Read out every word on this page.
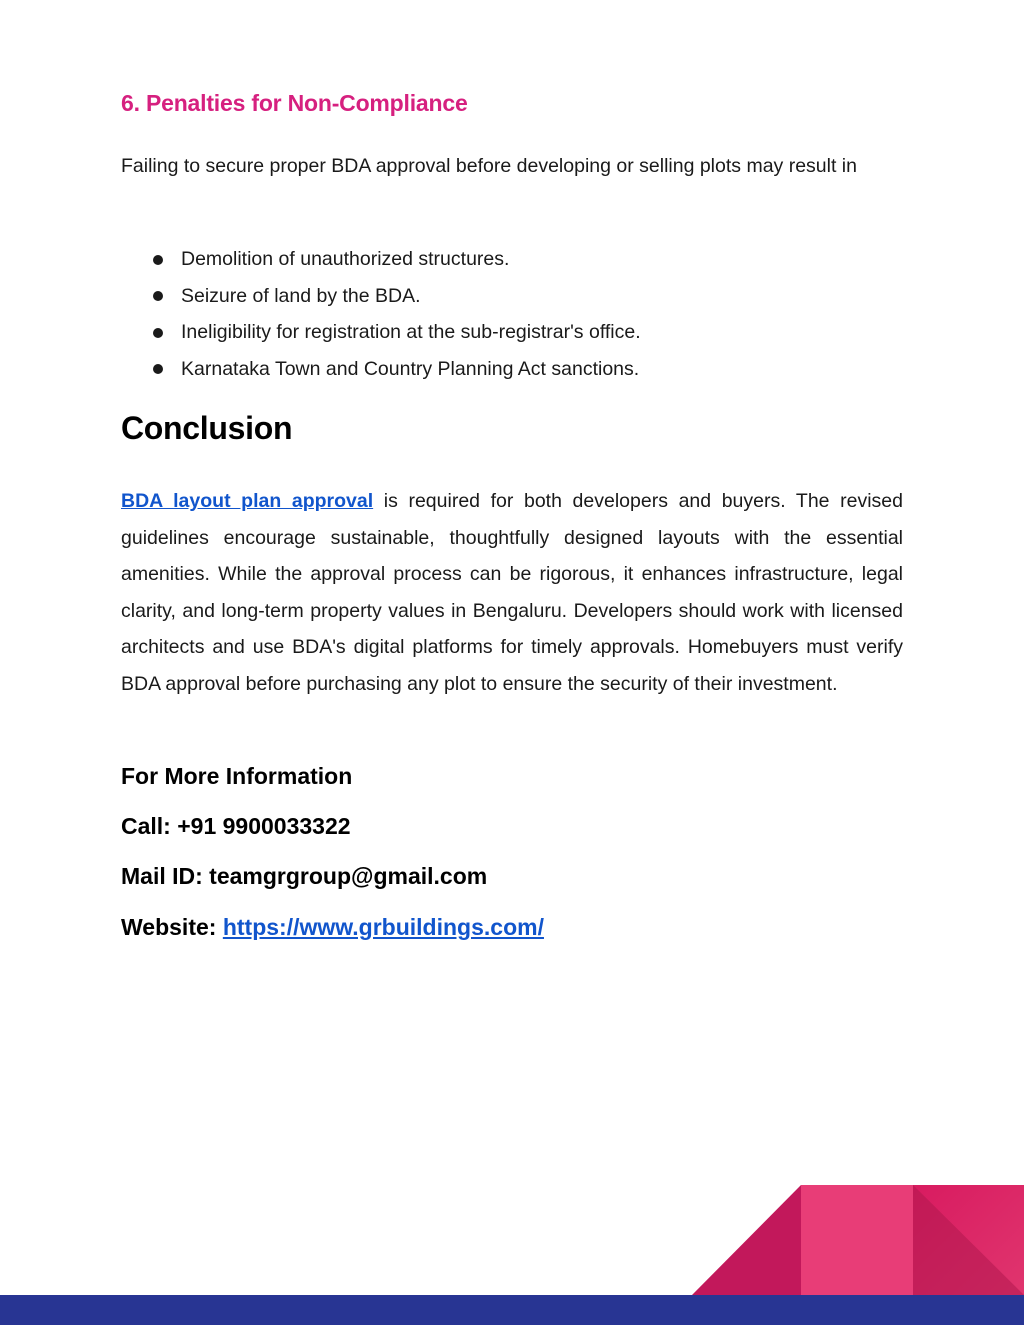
6. Penalties for Non-Compliance

Failing to secure proper BDA approval before developing or selling plots may result in

Demolition of unauthorized structures.
Seizure of land by the BDA.
Ineligibility for registration at the sub-registrar's office.
Karnataka Town and Country Planning Act sanctions.
Conclusion

BDA layout plan approval is required for both developers and buyers. The revised guidelines encourage sustainable, thoughtfully designed layouts with the essential amenities. While the approval process can be rigorous, it enhances infrastructure, legal clarity, and long-term property values in Bengaluru. Developers should work with licensed architects and use BDA's digital platforms for timely approvals. Homebuyers must verify BDA approval before purchasing any plot to ensure the security of their investment.

For More Information

Call: +91 9900033322

Mail ID: teamgrgroup@gmail.com

Website: https://www.grbuildings.com/
